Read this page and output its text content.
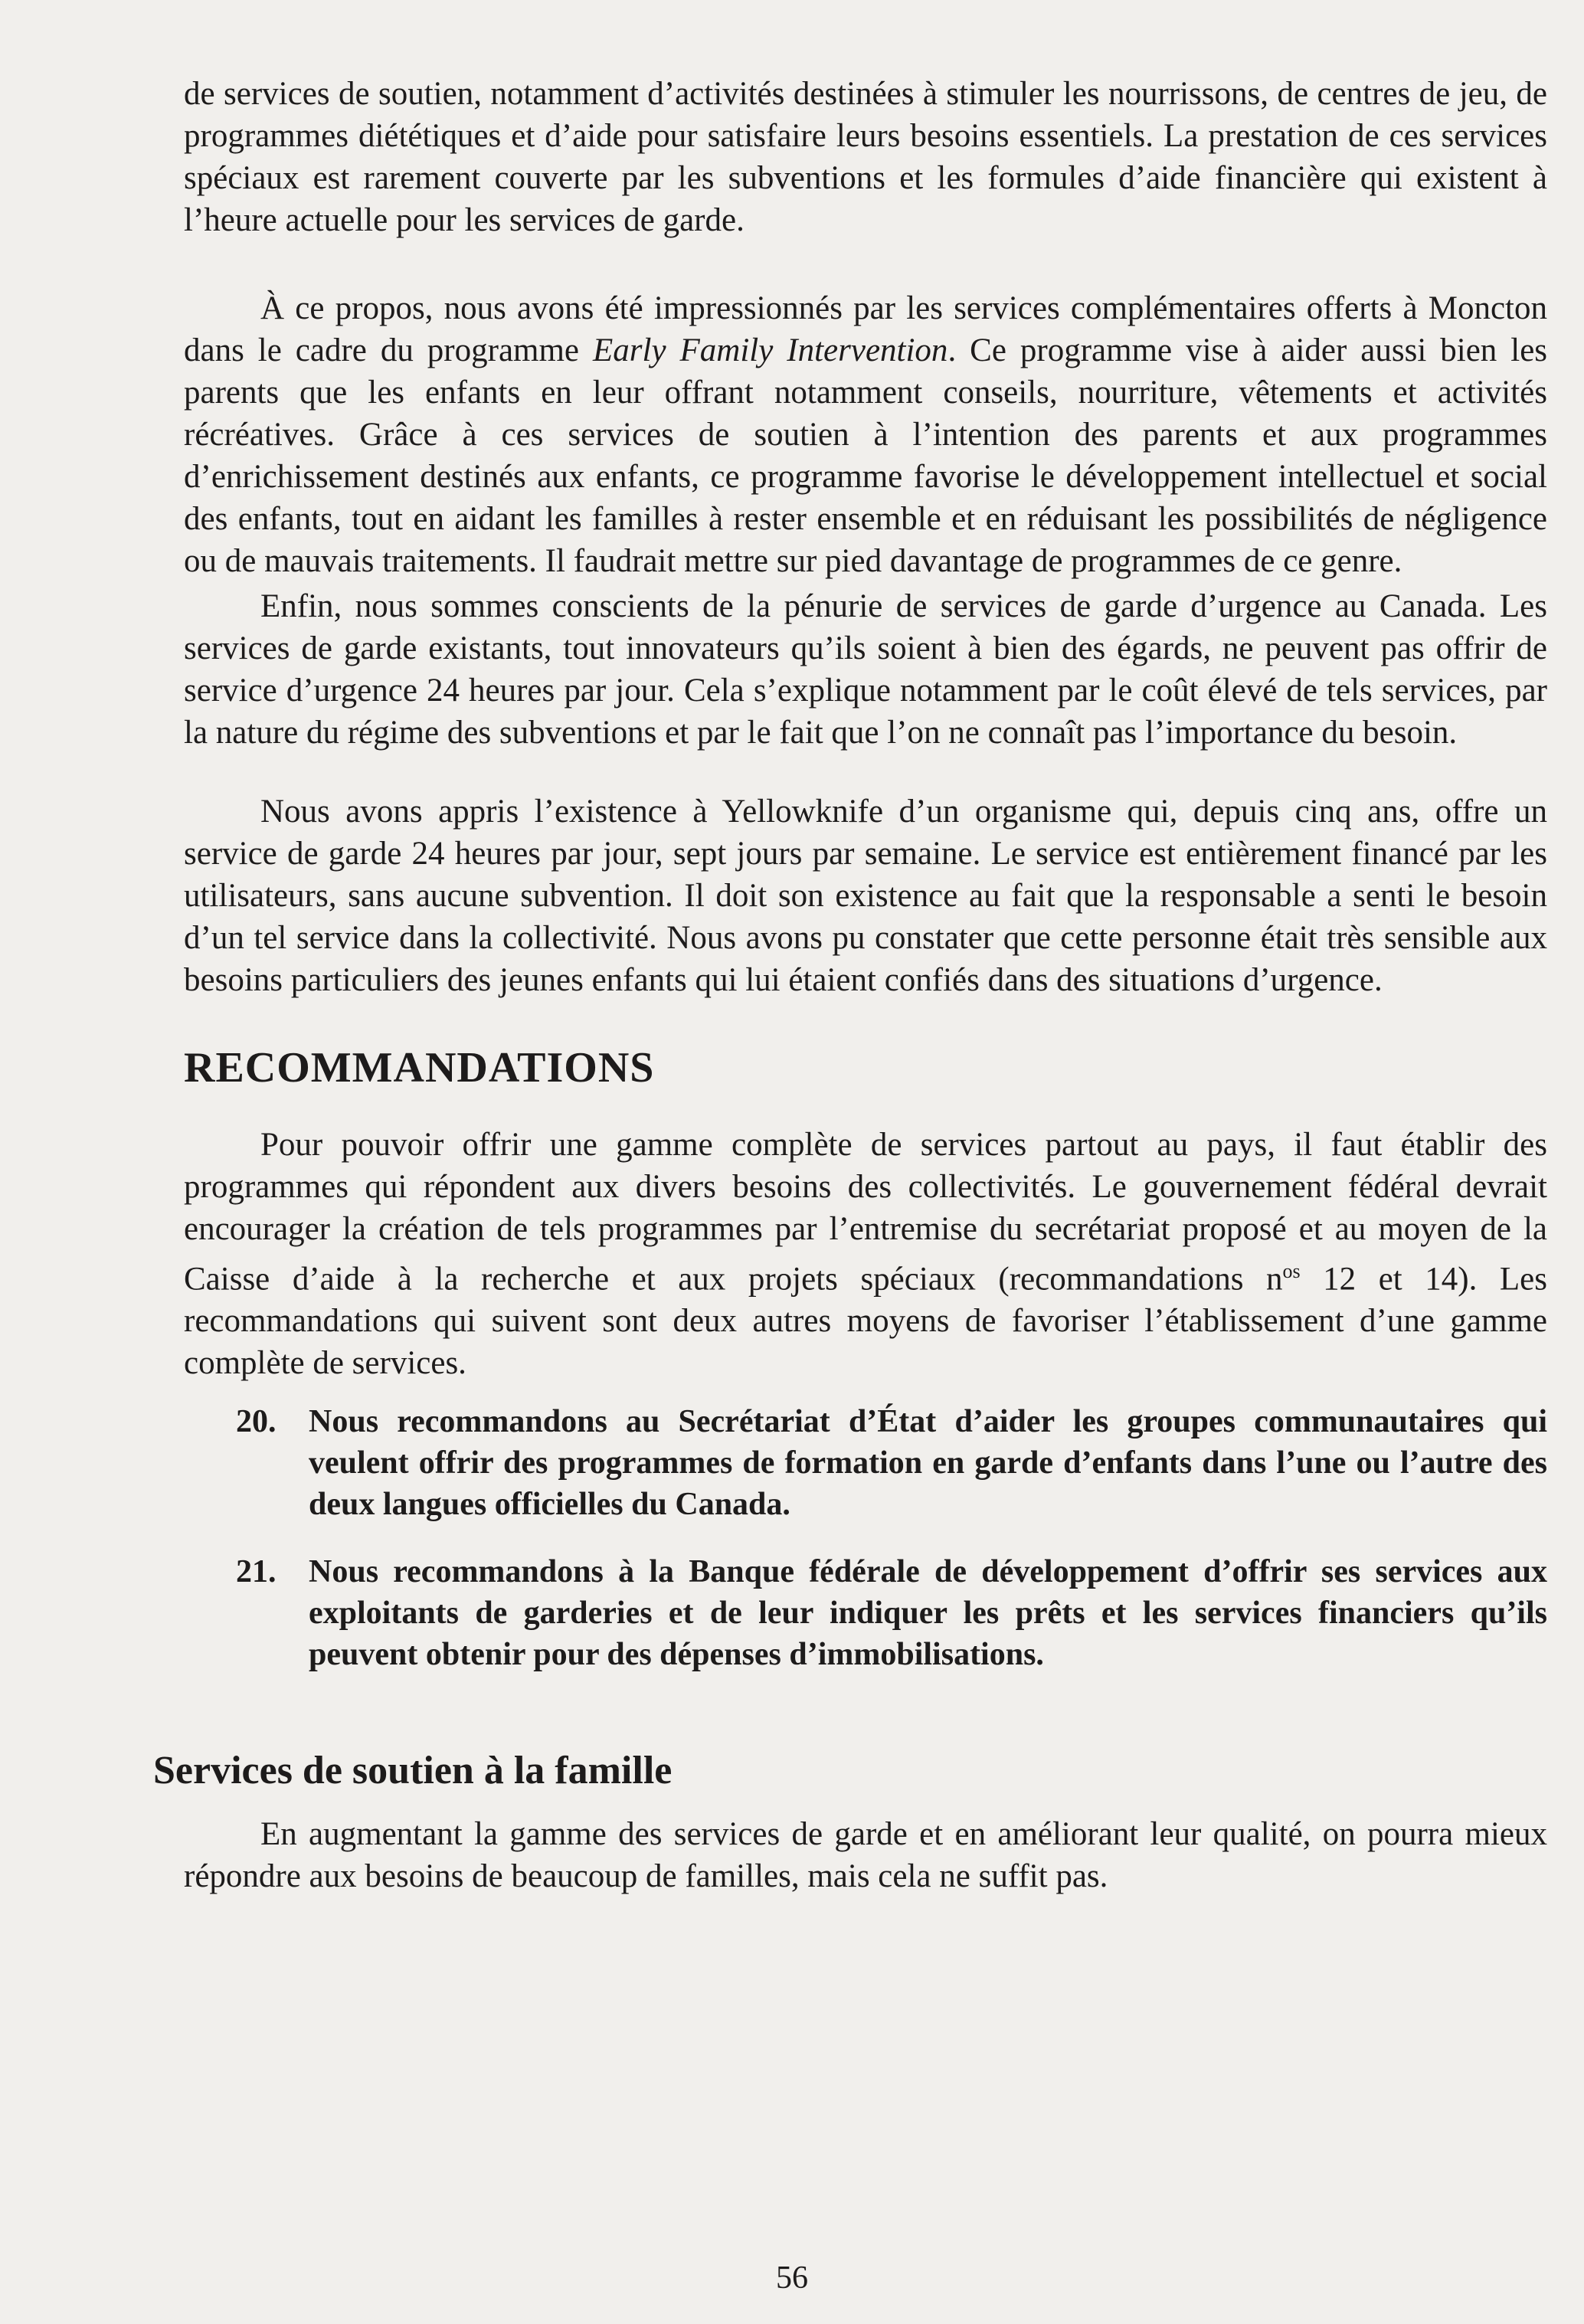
de services de soutien, notamment d’activités destinées à stimuler les nourrissons, de centres de jeu, de programmes diététiques et d’aide pour satisfaire leurs besoins essentiels. La prestation de ces services spéciaux est rarement couverte par les subventions et les formules d’aide financière qui existent à l’heure actuelle pour les services de garde.

À ce propos, nous avons été impressionnés par les services complémentaires offerts à Moncton dans le cadre du programme Early Family Intervention. Ce programme vise à aider aussi bien les parents que les enfants en leur offrant notamment conseils, nourriture, vêtements et activités récréatives. Grâce à ces services de soutien à l’intention des parents et aux programmes d’enrichissement destinés aux enfants, ce programme favorise le développement intellectuel et social des enfants, tout en aidant les familles à rester ensemble et en réduisant les possibilités de négligence ou de mauvais traitements. Il faudrait mettre sur pied davantage de programmes de ce genre.

Enfin, nous sommes conscients de la pénurie de services de garde d’urgence au Canada. Les services de garde existants, tout innovateurs qu’ils soient à bien des égards, ne peuvent pas offrir de service d’urgence 24 heures par jour. Cela s’explique notamment par le coût élevé de tels services, par la nature du régime des subventions et par le fait que l’on ne connaît pas l’importance du besoin.

Nous avons appris l’existence à Yellowknife d’un organisme qui, depuis cinq ans, offre un service de garde 24 heures par jour, sept jours par semaine. Le service est entièrement financé par les utilisateurs, sans aucune subvention. Il doit son existence au fait que la responsable a senti le besoin d’un tel service dans la collectivité. Nous avons pu constater que cette personne était très sensible aux besoins particuliers des jeunes enfants qui lui étaient confiés dans des situations d’urgence.

RECOMMANDATIONS

Pour pouvoir offrir une gamme complète de services partout au pays, il faut établir des programmes qui répondent aux divers besoins des collectivités. Le gouvernement fédéral devrait encourager la création de tels programmes par l’entremise du secrétariat proposé et au moyen de la Caisse d’aide à la recherche et aux projets spéciaux (recommandations $n^{os}$ 12 et 14). Les recommandations qui suivent sont deux autres moyens de favoriser l’établissement d’une gamme complète de services.

20.	Nous recommandons au Secrétariat d’État d’aider les groupes communautaires qui veulent offrir des programmes de formation en garde d’enfants dans l’une ou l’autre des deux langues officielles du Canada.
21.	Nous recommandons à la Banque fédérale de développement d’offrir ses services aux exploitants de garderies et de leur indiquer les prêts et les services financiers qu’ils peuvent obtenir pour des dépenses d’immobilisations.
Services de soutien à la famille

En augmentant la gamme des services de garde et en améliorant leur qualité, on pourra mieux répondre aux besoins de beaucoup de familles, mais cela ne suffit pas.

56
